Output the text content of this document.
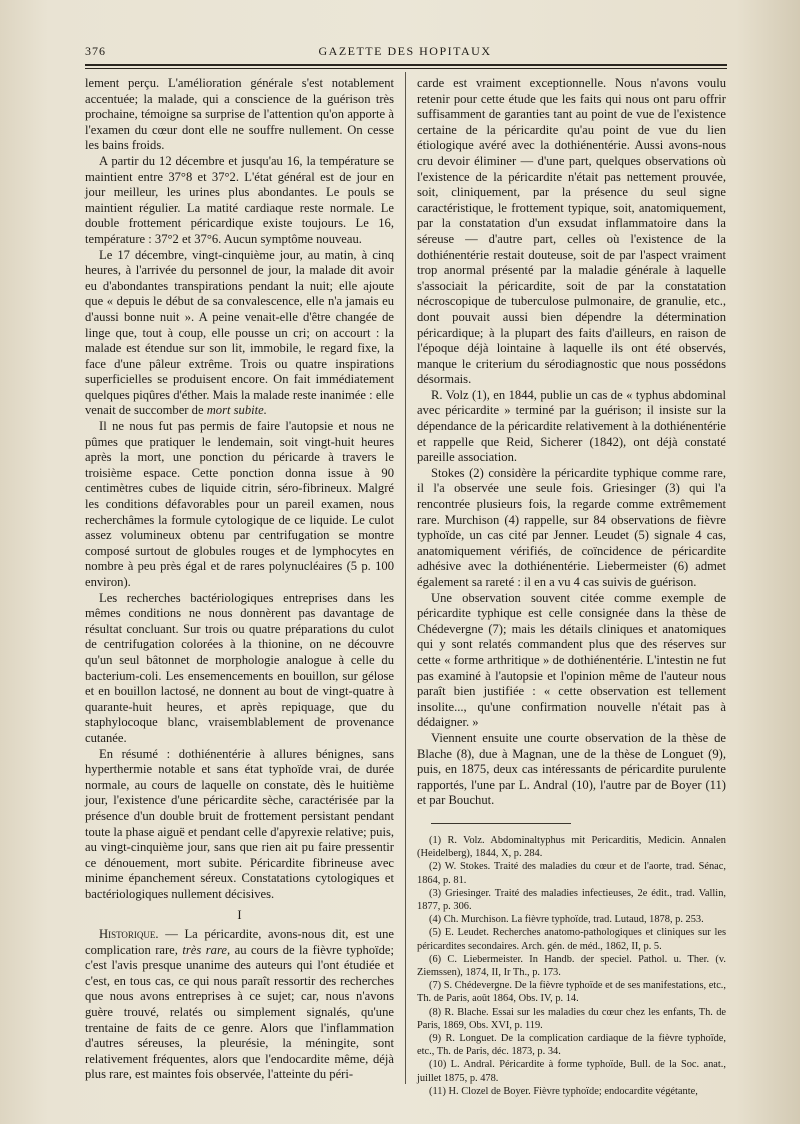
376	GAZETTE DES HOPITAUX

lement perçu. L'amélioration générale s'est notablement accentuée; la malade, qui a conscience de la guérison très prochaine, témoigne sa surprise de l'attention qu'on apporte à l'examen du cœur dont elle ne souffre nullement. On cesse les bains froids.

A partir du 12 décembre et jusqu'au 16, la température se maintient entre 37°8 et 37°2. L'état général est de jour en jour meilleur, les urines plus abondantes. Le pouls se maintient régulier. La matité cardiaque reste normale. Le double frottement péricardique existe toujours. Le 16, température : 37°2 et 37°6. Aucun symptôme nouveau.

Le 17 décembre, vingt-cinquième jour, au matin, à cinq heures, à l'arrivée du personnel de jour, la malade dit avoir eu d'abondantes transpirations pendant la nuit; elle ajoute que « depuis le début de sa convalescence, elle n'a jamais eu d'aussi bonne nuit ». A peine venait-elle d'être changée de linge que, tout à coup, elle pousse un cri; on accourt : la malade est étendue sur son lit, immobile, le regard fixe, la face d'une pâleur extrême. Trois ou quatre inspirations superficielles se produisent encore. On fait immédiatement quelques piqûres d'éther. Mais la malade reste inanimée : elle venait de succomber de mort subite.

Il ne nous fut pas permis de faire l'autopsie et nous ne pûmes que pratiquer le lendemain, soit vingt-huit heures après la mort, une ponction du péricarde à travers le troisième espace. Cette ponction donna issue à 90 centimètres cubes de liquide citrin, séro-fibrineux. Malgré les conditions défavorables pour un pareil examen, nous recherchâmes la formule cytologique de ce liquide. Le culot assez volumineux obtenu par centrifugation se montre composé surtout de globules rouges et de lymphocytes en nombre à peu près égal et de rares polynucléaires (5 p. 100 environ).

Les recherches bactériologiques entreprises dans les mêmes conditions ne nous donnèrent pas davantage de résultat concluant. Sur trois ou quatre préparations du culot de centrifugation colorées à la thionine, on ne découvre qu'un seul bâtonnet de morphologie analogue à celle du bacterium-coli. Les ensemencements en bouillon, sur gélose et en bouillon lactosé, ne donnent au bout de vingt-quatre à quarante-huit heures, et après repiquage, que du staphylocoque blanc, vraisemblablement de provenance cutanée.

En résumé : dothiénentérie à allures bénignes, sans hyperthermie notable et sans état typhoïde vrai, de durée normale, au cours de laquelle on constate, dès le huitième jour, l'existence d'une péricardite sèche, caractérisée par la présence d'un double bruit de frottement persistant pendant toute la phase aiguë et pendant celle d'apyrexie relative; puis, au vingt-cinquième jour, sans que rien ait pu faire pressentir ce dénouement, mort subite. Péricardite fibrineuse avec minime épanchement séreux. Constatations cytologiques et bactériologiques nullement décisives.

I

Historique. — La péricardite, avons-nous dit, est une complication rare, très rare, au cours de la fièvre typhoïde; c'est l'avis presque unanime des auteurs qui l'ont étudiée et c'est, en tous cas, ce qui nous paraît ressortir des recherches que nous avons entreprises à ce sujet; car, nous n'avons guère trouvé, relatés ou simplement signalés, qu'une trentaine de faits de ce genre. Alors que l'inflammation d'autres séreuses, la pleurésie, la méningite, sont relativement fréquentes, alors que l'endocardite même, déjà plus rare, est maintes fois observée, l'atteinte du péri-

carde est vraiment exceptionnelle. Nous n'avons voulu retenir pour cette étude que les faits qui nous ont paru offrir suffisamment de garanties tant au point de vue de l'existence certaine de la péricardite qu'au point de vue du lien étiologique avéré avec la dothiénentérie. Aussi avons-nous cru devoir éliminer — d'une part, quelques observations où l'existence de la péricardite n'était pas nettement prouvée, soit, cliniquement, par la présence du seul signe caractéristique, le frottement typique, soit, anatomiquement, par la constatation d'un exsudat inflammatoire dans la séreuse — d'autre part, celles où l'existence de la dothiénentérie restait douteuse, soit de par l'aspect vraiment trop anormal présenté par la maladie générale à laquelle s'associait la péricardite, soit de par la constatation nécroscopique de tuberculose pulmonaire, de granulie, etc., dont pouvait aussi bien dépendre la détermination péricardique; à la plupart des faits d'ailleurs, en raison de l'époque déjà lointaine à laquelle ils ont été observés, manque le criterium du sérodiagnostic que nous possédons désormais.

R. Volz (1), en 1844, publie un cas de « typhus abdominal avec péricardite » terminé par la guérison; il insiste sur la dépendance de la péricardite relativement à la dothiénentérie et rappelle que Reid, Sicherer (1842), ont déjà constaté pareille association.

Stokes (2) considère la péricardite typhique comme rare, il l'a observée une seule fois. Griesinger (3) qui l'a rencontrée plusieurs fois, la regarde comme extrêmement rare. Murchison (4) rappelle, sur 84 observations de fièvre typhoïde, un cas cité par Jenner. Leudet (5) signale 4 cas, anatomiquement vérifiés, de coïncidence de péricardite adhésive avec la dothiénentérie. Liebermeister (6) admet également sa rareté : il en a vu 4 cas suivis de guérison.

Une observation souvent citée comme exemple de péricardite typhique est celle consignée dans la thèse de Chédevergne (7); mais les détails cliniques et anatomiques qui y sont relatés commandent plus que des réserves sur cette « forme arthritique » de dothiénentérie. L'intestin ne fut pas examiné à l'autopsie et l'opinion même de l'auteur nous paraît bien justifiée : « cette observation est tellement insolite..., qu'une confirmation nouvelle n'était pas à dédaigner. »

Viennent ensuite une courte observation de la thèse de Blache (8), due à Magnan, une de la thèse de Longuet (9), puis, en 1875, deux cas intéressants de péricardite purulente rapportés, l'une par L. Andral (10), l'autre par de Boyer (11) et par Bouchut.

(1) R. Volz. Abdominaltyphus mit Pericarditis, Medicin. Annalen (Heidelberg), 1844, X, p. 284.

(2) W. Stokes. Traité des maladies du cœur et de l'aorte, trad. Sénac, 1864, p. 81.

(3) Griesinger. Traité des maladies infectieuses, 2e édit., trad. Vallin, 1877, p. 306.

(4) Ch. Murchison. La fièvre typhoïde, trad. Lutaud, 1878, p. 253.

(5) E. Leudet. Recherches anatomo-pathologiques et cliniques sur les péricardites secondaires. Arch. gén. de méd., 1862, II, p. 5.

(6) C. Liebermeister. In Handb. der speciel. Pathol. u. Ther. (v. Ziemssen), 1874, II, Ir Th., p. 173.

(7) S. Chédevergne. De la fièvre typhoïde et de ses manifestations, etc., Th. de Paris, août 1864, Obs. IV, p. 14.

(8) R. Blache. Essai sur les maladies du cœur chez les enfants, Th. de Paris, 1869, Obs. XVI, p. 119.

(9) R. Longuet. De la complication cardiaque de la fièvre typhoïde, etc., Th. de Paris, déc. 1873, p. 34.

(10) L. Andral. Péricardite à forme typhoïde, Bull. de la Soc. anat., juillet 1875, p. 478.

(11) H. Clozel de Boyer. Fièvre typhoïde; endocardite végétante,
